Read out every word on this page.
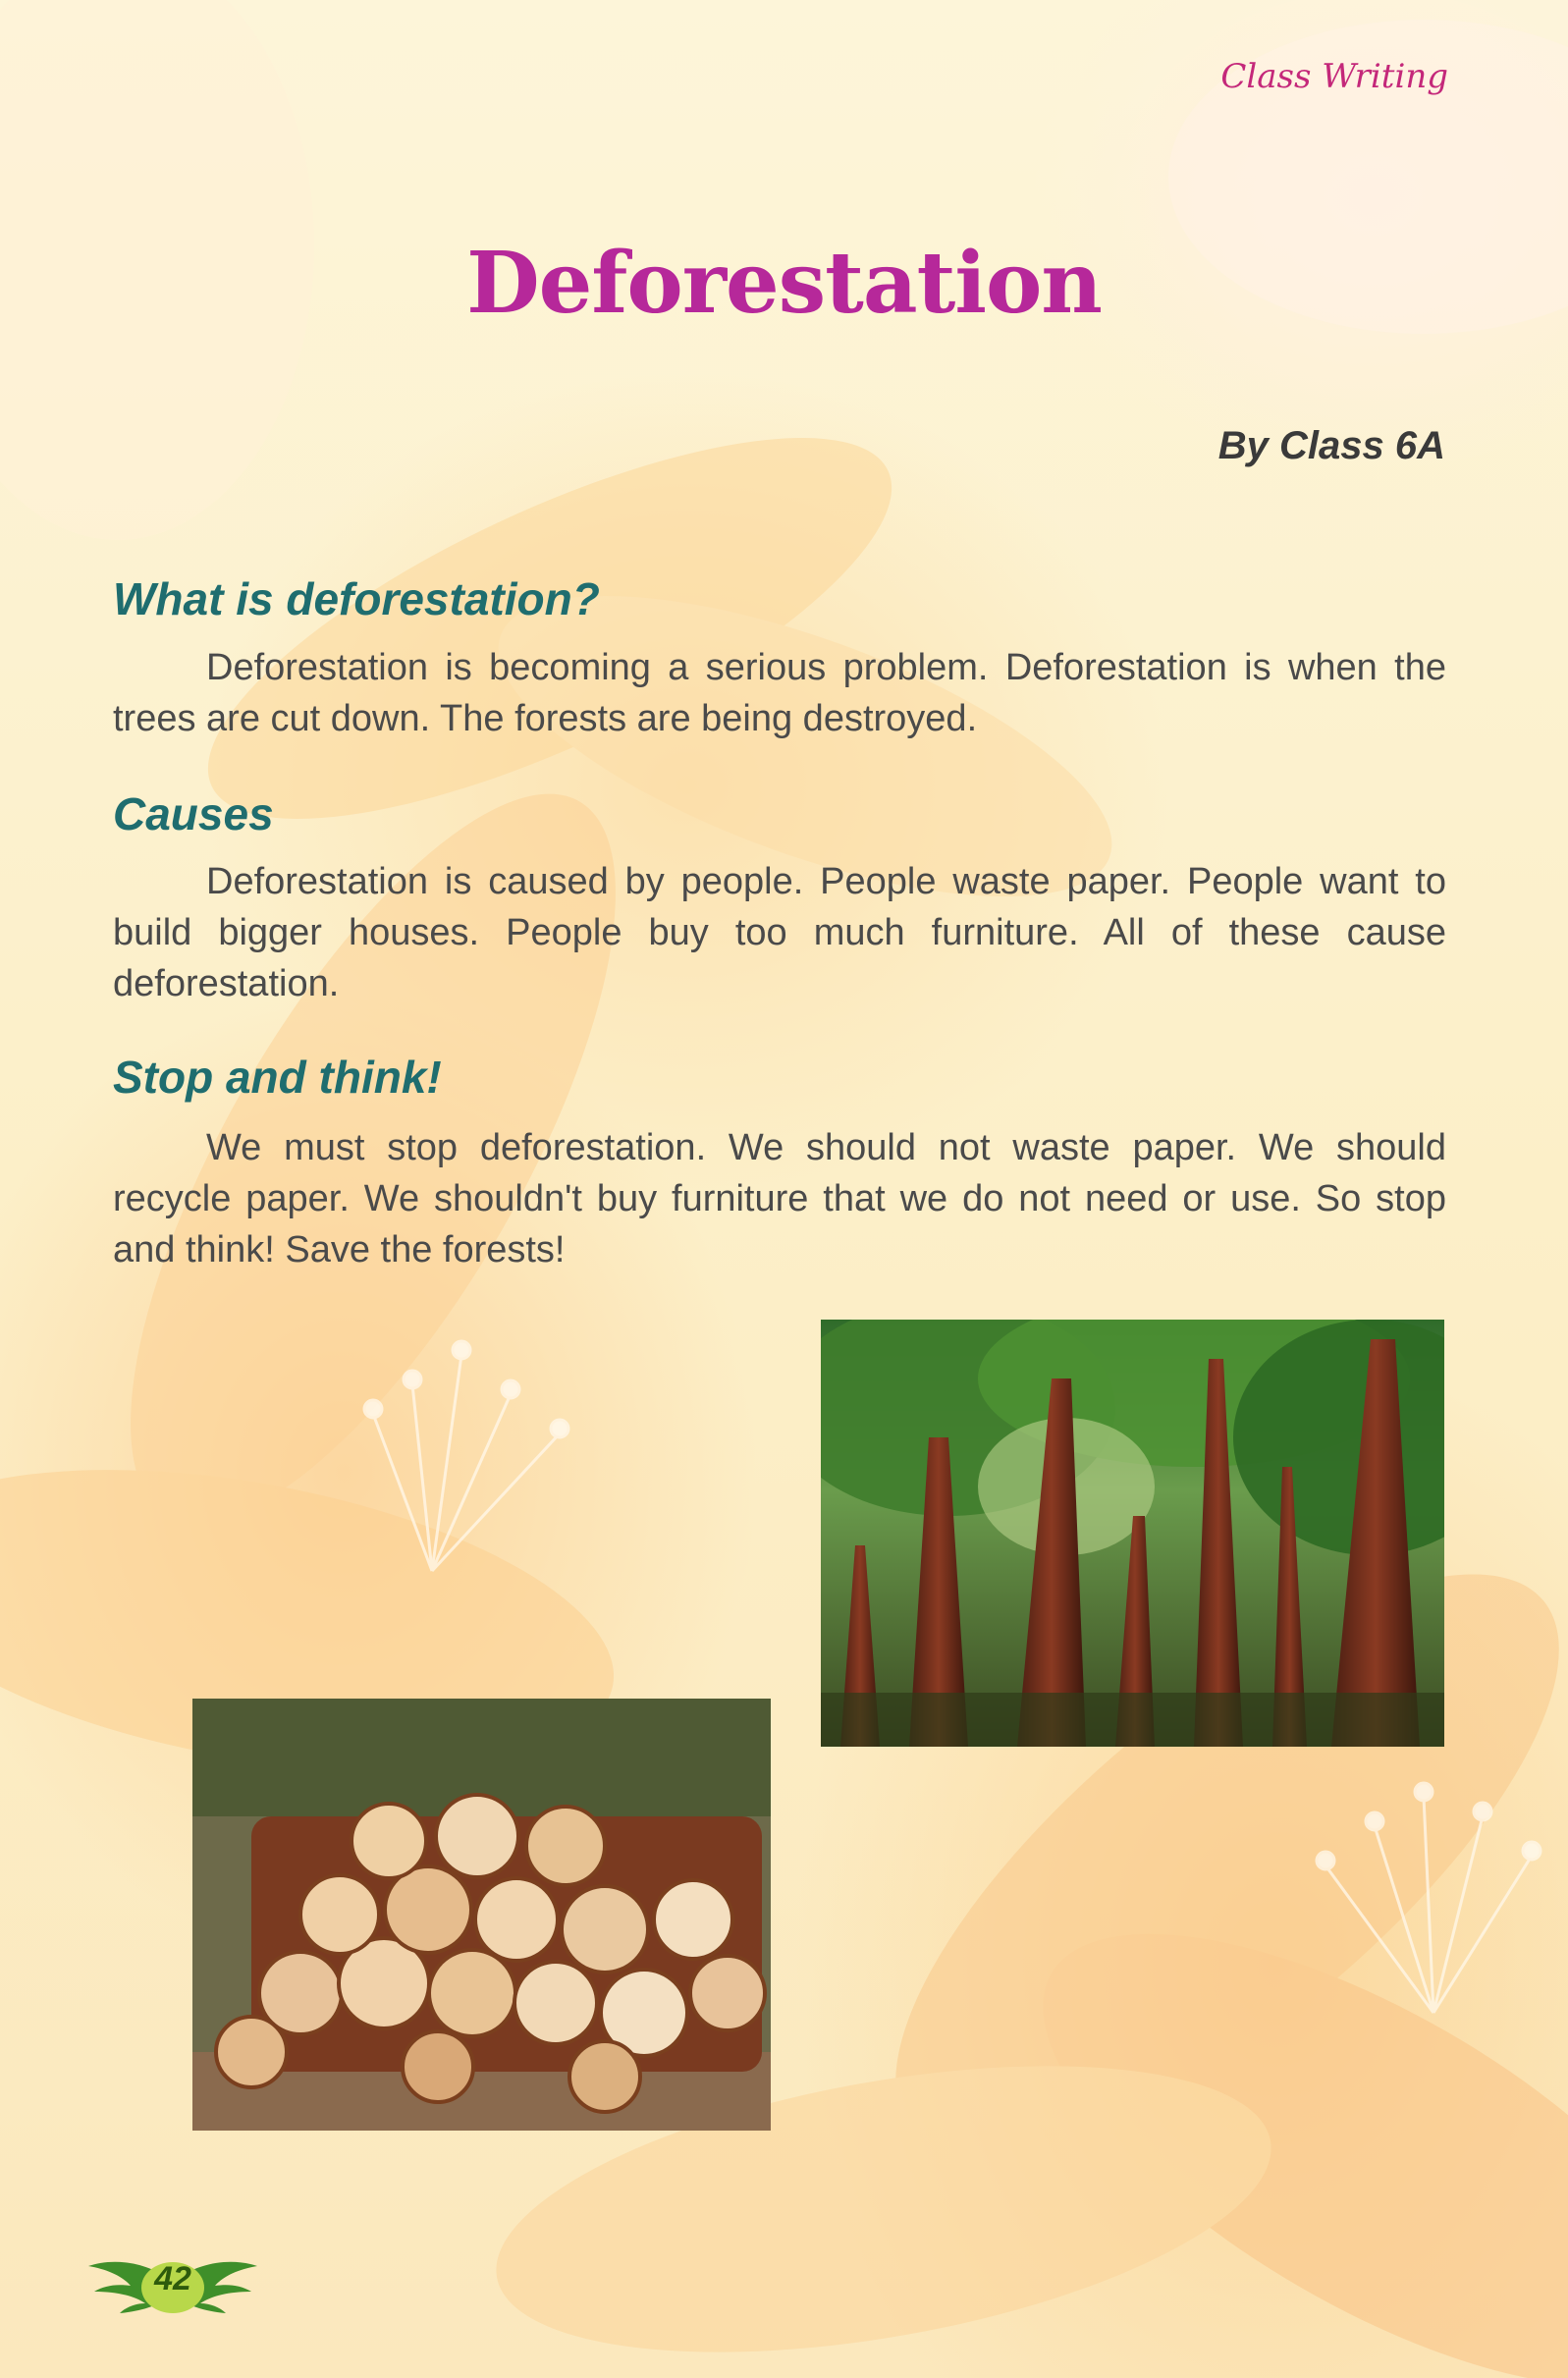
Class Writing
Deforestation
By Class 6A
What is deforestation?
Deforestation is becoming a serious problem. Deforestation is when the trees are cut down. The forests are being destroyed.
Causes
Deforestation is caused by people. People waste paper. People want to build bigger houses. People buy too much furniture. All of these cause deforestation.
Stop and think!
We must stop deforestation. We should not waste paper. We should recycle paper. We shouldn't buy furniture that we do not need or use. So stop and think! Save the forests!
42
